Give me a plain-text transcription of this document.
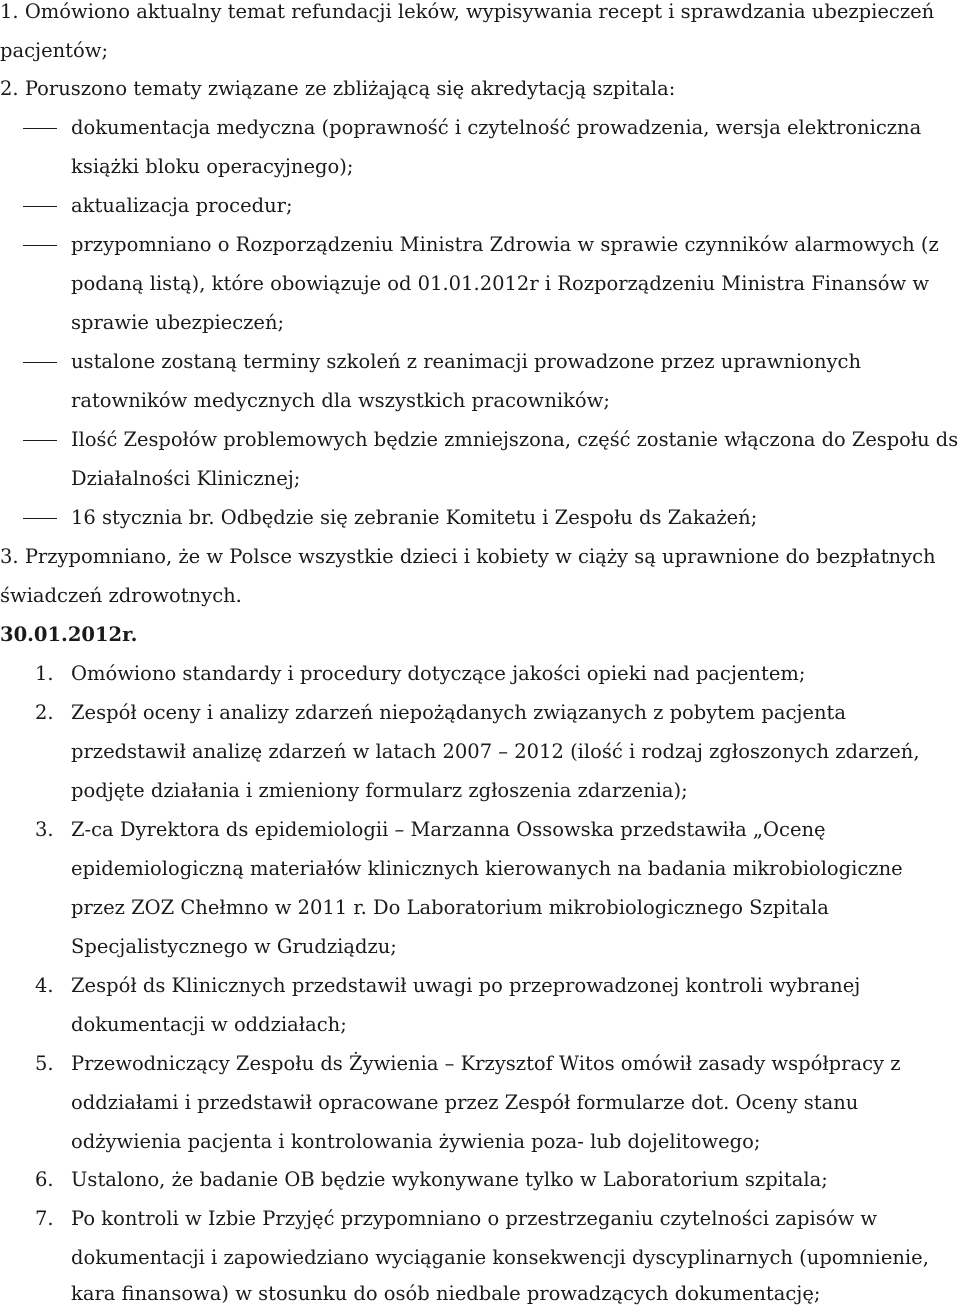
1. Omówiono aktualny temat refundacji leków, wypisywania recept i sprawdzania ubezpieczeń
pacjentów;
2. Poruszono tematy związane ze zbliżającą się akredytacją szpitala:
dokumentacja medyczna (poprawność i czytelność prowadzenia, wersja elektroniczna
książki bloku operacyjnego);
aktualizacja procedur;
przypomniano o Rozporządzeniu Ministra Zdrowia w sprawie czynników alarmowych (z
podaną listą), które obowiązuje od 01.01.2012r i Rozporządzeniu Ministra Finansów w
sprawie ubezpieczeń;
ustalone zostaną terminy szkoleń z reanimacji prowadzone przez uprawnionych
ratowników medycznych dla wszystkich pracowników;
Ilość Zespołów problemowych będzie zmniejszona, część zostanie włączona do Zespołu ds
Działalności Klinicznej;
16 stycznia br. Odbędzie się zebranie Komitetu i Zespołu ds Zakażeń;
3. Przypomniano, że w Polsce wszystkie dzieci i kobiety w ciąży są uprawnione do bezpłatnych
świadczeń zdrowotnych.
30.01.2012r.
1. Omówiono standardy i procedury dotyczące jakości opieki nad pacjentem;
2. Zespół oceny i analizy zdarzeń niepożądanych związanych z pobytem pacjenta
przedstawił analizę zdarzeń w latach 2007 – 2012 (ilość i rodzaj zgłoszonych zdarzeń,
podjęte działania i zmieniony formularz zgłoszenia zdarzenia);
3. Z-ca Dyrektora ds epidemiologii – Marzanna Ossowska przedstawiła „Ocenę
epidemiologiczną materiałów klinicznych kierowanych na badania mikrobiologiczne
przez ZOZ Chełmno w 2011 r. Do Laboratorium mikrobiologicznego Szpitala
Specjalistycznego w Grudziądzu;
4. Zespół ds Klinicznych przedstawił uwagi po przeprowadzonej kontroli wybranej
dokumentacji w oddziałach;
5. Przewodniczący Zespołu ds Żywienia – Krzysztof Witos omówił zasady współpracy z
oddziałami i przedstawił opracowane przez Zespół formularze dot. Oceny stanu
odżywienia pacjenta i kontrolowania żywienia poza- lub dojelitowego;
6. Ustalono, że badanie OB będzie wykonywane tylko w Laboratorium szpitala;
7. Po kontroli w Izbie Przyjęć przypomniano o przestrzeganiu czytelności zapisów w
dokumentacji i zapowiedziano wyciąganie konsekwencji dyscyplinarnych (upomnienie,
kara finansowa) w stosunku do osób niedbale prowadzących dokumentację;
